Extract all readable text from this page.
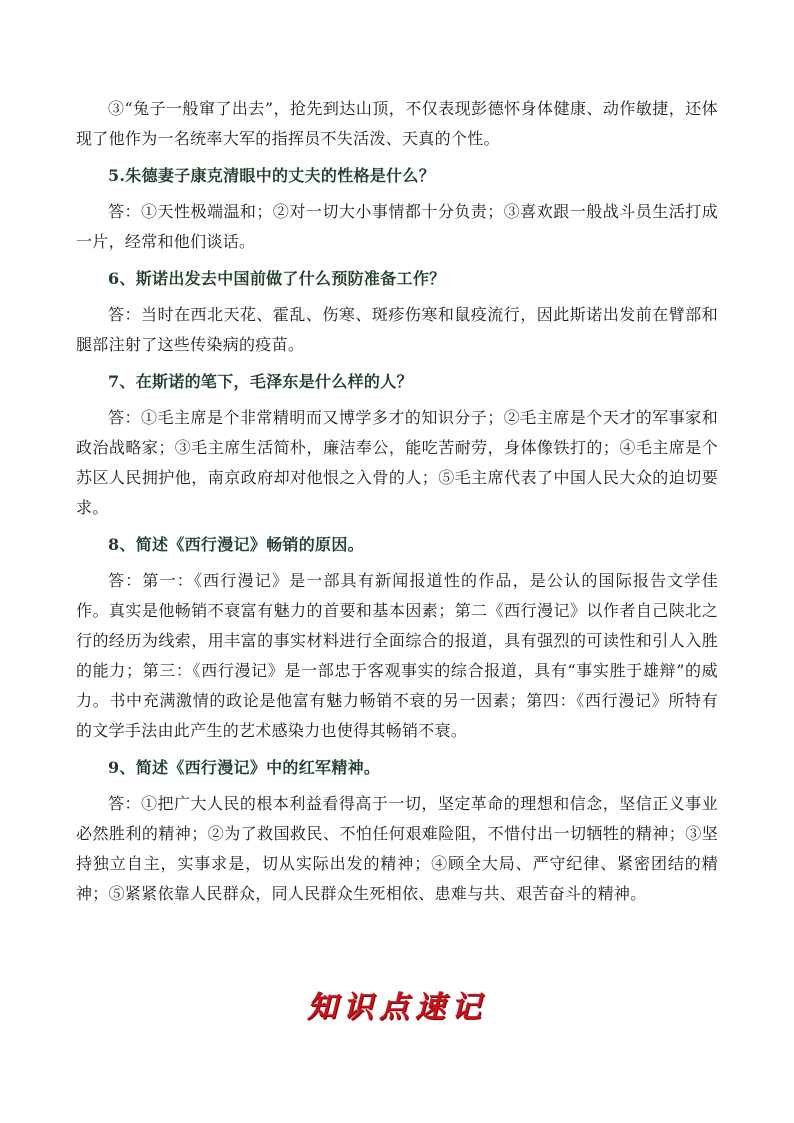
③“兔子一般窜了出去”，抢先到达山顶，不仅表现彭德怀身体健康、动作敏捷，还体现了他作为一名统率大军的指挥员不失活泼、天真的个性。

5.朱德妻子康克清眼中的丈夫的性格是什么？

答：①天性极端温和；②对一切大小事情都十分负责；③喜欢跟一般战斗员生活打成一片，经常和他们谈话。

6、斯诺出发去中国前做了什么预防准备工作？

答：当时在西北天花、霍乱、伤寒、斑疹伤寒和鼠疫流行，因此斯诺出发前在臂部和腿部注射了这些传染病的疫苗。

7、在斯诺的笔下，毛泽东是什么样的人？

答：①毛主席是个非常精明而又博学多才的知识分子；②毛主席是个天才的军事家和政治战略家；③毛主席生活简朴，廉洁奉公，能吃苦耐劳，身体像铁打的；④毛主席是个苏区人民拥护他，南京政府却对他恨之入骨的人；⑤毛主席代表了中国人民大众的迫切要求。

8、简述《西行漫记》畅销的原因。

答：第一：《西行漫记》是一部具有新闻报道性的作品，是公认的国际报告文学佳作。真实是他畅销不衰富有魅力的首要和基本因素；第二《西行漫记》以作者自己陕北之行的经历为线索，用丰富的事实材料进行全面综合的报道，具有强烈的可读性和引人入胜的能力；第三：《西行漫记》是一部忠于客观事实的综合报道，具有“事实胜于雄辩”的威力。书中充满激情的政论是他富有魅力畅销不衰的另一因素；第四：《西行漫记》所特有的文学手法由此产生的艺术感染力也使得其畅销不衰。

9、简述《西行漫记》中的红军精神。

答：①把广大人民的根本利益看得高于一切，坚定革命的理想和信念，坚信正义事业必然胜利的精神；②为了救国救民、不怕任何艰难险阻，不惜付出一切牺牲的精神；③坚持独立自主，实事求是，切从实际出发的精神；④顾全大局、严守纪律、紧密团结的精神；⑤紧紧依靠人民群众，同人民群众生死相依、患难与共、艰苦奋斗的精神。

知识点速记
